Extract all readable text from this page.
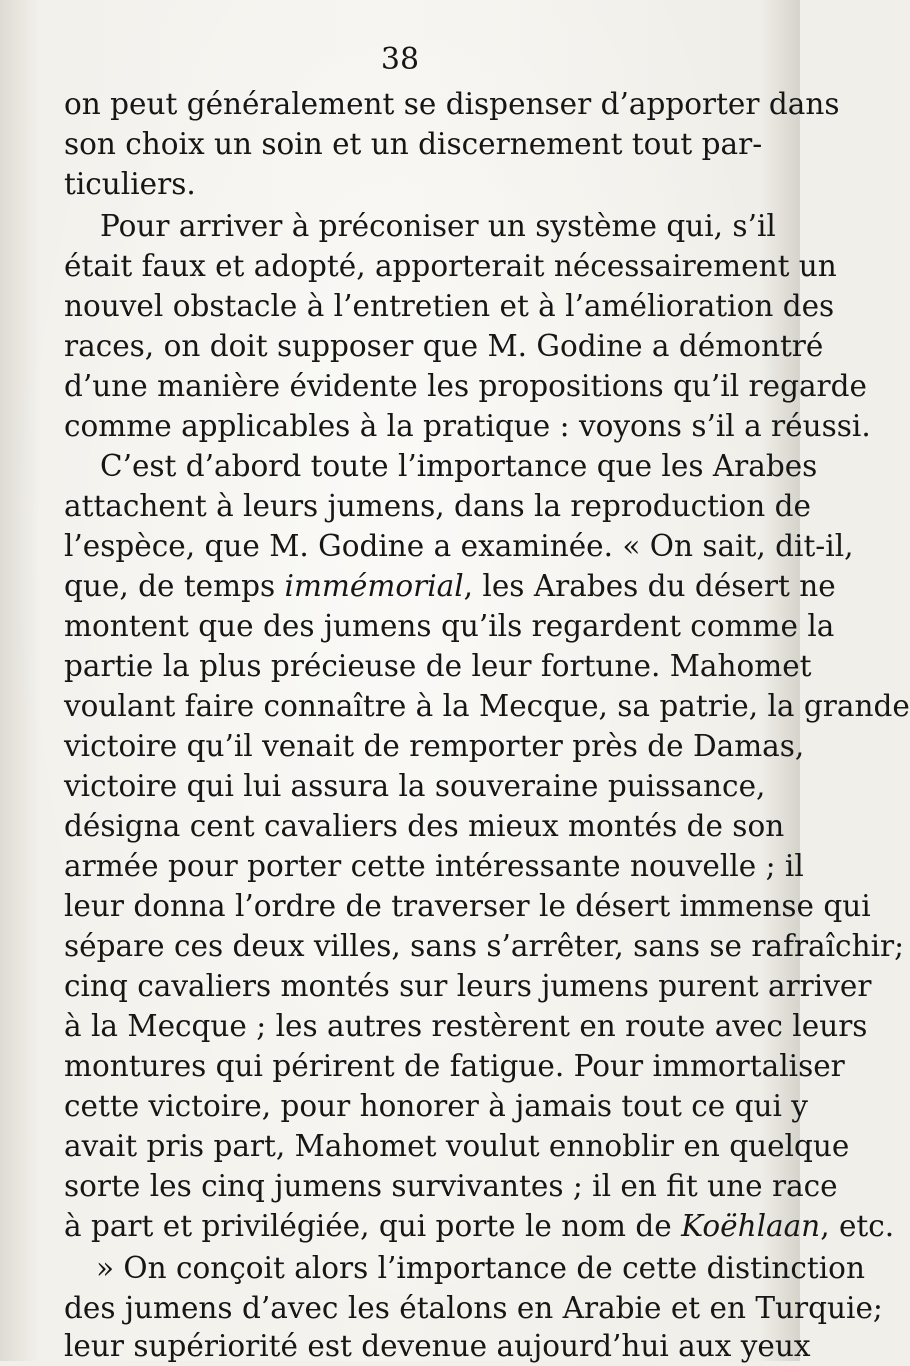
38
on peut généralement se dispenser d’apporter dans
son choix un soin et un discernement tout par-
ticuliers.
Pour arriver à préconiser un système qui, s’il
était faux et adopté, apporterait nécessairement un
nouvel obstacle à l’entretien et à l’amélioration des
races, on doit supposer que M. Godine a démontré
d’une manière évidente les propositions qu’il regarde
comme applicables à la pratique : voyons s’il a réussi.
C’est d’abord toute l’importance que les Arabes
attachent à leurs jumens, dans la reproduction de
l’espèce, que M. Godine a examinée. « On sait, dit-il,
que, de temps immémorial, les Arabes du désert ne
montent que des jumens qu’ils regardent comme la
partie la plus précieuse de leur fortune. Mahomet
voulant faire connaître à la Mecque, sa patrie, la grande
victoire qu’il venait de remporter près de Damas,
victoire qui lui assura la souveraine puissance,
désigna cent cavaliers des mieux montés de son
armée pour porter cette intéressante nouvelle ; il
leur donna l’ordre de traverser le désert immense qui
sépare ces deux villes, sans s’arrêter, sans se rafraîchir;
cinq cavaliers montés sur leurs jumens purent arriver
à la Mecque ; les autres restèrent en route avec leurs
montures qui périrent de fatigue. Pour immortaliser
cette victoire, pour honorer à jamais tout ce qui y
avait pris part, Mahomet voulut ennoblir en quelque
sorte les cinq jumens survivantes ; il en fit une race
à part et privilégiée, qui porte le nom de Koëhlaan, etc.
» On conçoit alors l’importance de cette distinction
des jumens d’avec les étalons en Arabie et en Turquie;
leur supériorité est devenue aujourd’hui aux yeux
